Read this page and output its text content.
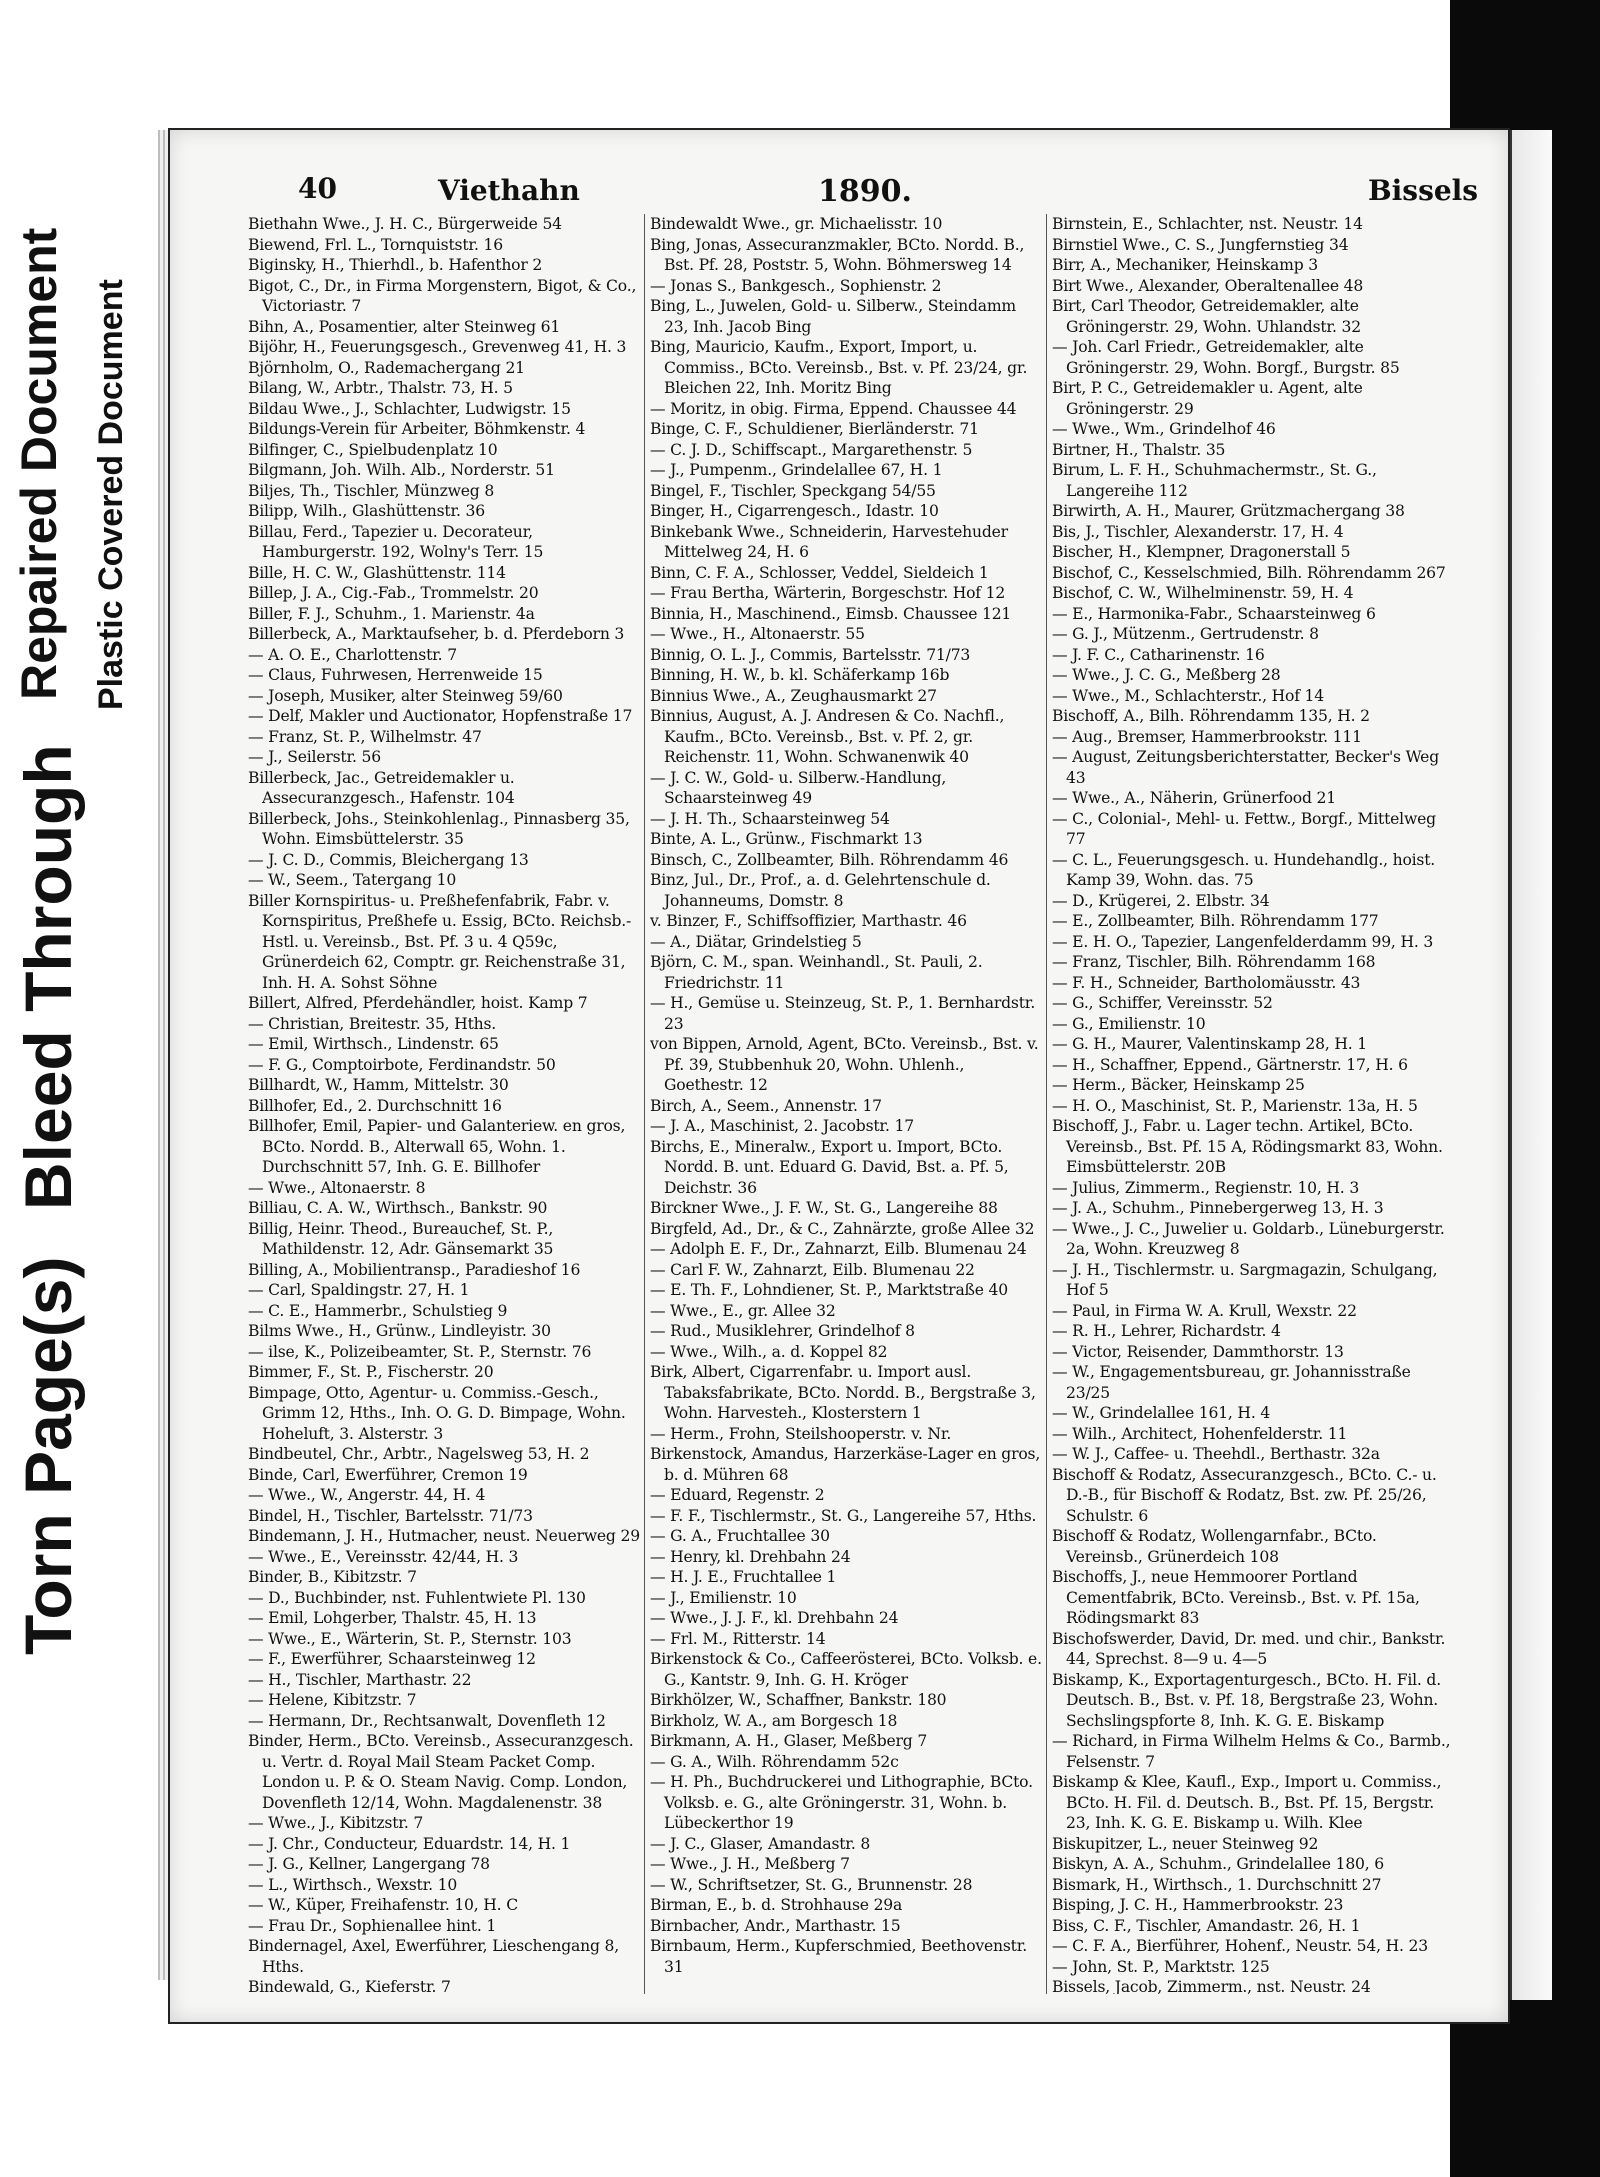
Torn Page(s)
Bleed Through
Repaired Document Plastic Covered Document
40	Viethahn	1890.	Bissels

Biethahn Wwe., J. H. C., Bürgerweide 54

Biewend, Frl. L., Tornquiststr. 16

Biginsky, H., Thierhdl., b. Hafenthor 2

Bigot, C., Dr., in Firma Morgenstern, Bigot, & Co., Victoriastr. 7

Bihn, A., Posamentier, alter Steinweg 61

Bijöhr, H., Feuerungsgesch., Grevenweg 41, H. 3

Björnholm, O., Rademachergang 21

Bilang, W., Arbtr., Thalstr. 73, H. 5

Bildau Wwe., J., Schlachter, Ludwigstr. 15

Bildungs-Verein für Arbeiter, Böhmkenstr. 4

Bilfinger, C., Spielbudenplatz 10

Bilgmann, Joh. Wilh. Alb., Norderstr. 51

Biljes, Th., Tischler, Münzweg 8

Bilipp, Wilh., Glashüttenstr. 36

Billau, Ferd., Tapezier u. Decorateur, Hamburgerstr. 192, Wolny's Terr. 15

Bille, H. C. W., Glashüttenstr. 114

Billep, J. A., Cig.-Fab., Trommelstr. 20

Biller, F. J., Schuhm., 1. Marienstr. 4a

Billerbeck, A., Marktaufseher, b. d. Pferdeborn 3

— A. O. E., Charlottenstr. 7

— Claus, Fuhrwesen, Herrenweide 15

— Joseph, Musiker, alter Steinweg 59/60

— Delf, Makler und Auctionator, Hopfenstraße 17

— Franz, St. P., Wilhelmstr. 47

— J., Seilerstr. 56

Billerbeck, Jac., Getreidemakler u. Assecuranzgesch., Hafenstr. 104

Billerbeck, Johs., Steinkohlenlag., Pinnasberg 35, Wohn. Eimsbüttelerstr. 35

— J. C. D., Commis, Bleichergang 13

— W., Seem., Tatergang 10

Biller Kornspiritus- u. Preßhefenfabrik, Fabr. v. Kornspiritus, Preßhefe u. Essig, BCto. Reichsb.-Hstl. u. Vereinsb., Bst. Pf. 3 u. 4 Q59c, Grünerdeich 62, Comptr. gr. Reichenstraße 31, Inh. H. A. Sohst Söhne

Billert, Alfred, Pferdehändler, hoist. Kamp 7

— Christian, Breitestr. 35, Hths.

— Emil, Wirthsch., Lindenstr. 65

— F. G., Comptoirbote, Ferdinandstr. 50

Billhardt, W., Hamm, Mittelstr. 30

Billhofer, Ed., 2. Durchschnitt 16

Billhofer, Emil, Papier- und Galanteriew. en gros, BCto. Nordd. B., Alterwall 65, Wohn. 1. Durchschnitt 57, Inh. G. E. Billhofer

— Wwe., Altonaerstr. 8

Billiau, C. A. W., Wirthsch., Bankstr. 90

Billig, Heinr. Theod., Bureauchef, St. P., Mathildenstr. 12, Adr. Gänsemarkt 35

Billing, A., Mobilientransp., Paradieshof 16

— Carl, Spaldingstr. 27, H. 1

— C. E., Hammerbr., Schulstieg 9

Bilms Wwe., H., Grünw., Lindleyistr. 30

— ilse, K., Polizeibeamter, St. P., Sternstr. 76

Bimmer, F., St. P., Fischerstr. 20

Bimpage, Otto, Agentur- u. Commiss.-Gesch., Grimm 12, Hths., Inh. O. G. D. Bimpage, Wohn. Hoheluft, 3. Alsterstr. 3

Bindbeutel, Chr., Arbtr., Nagelsweg 53, H. 2

Binde, Carl, Ewerführer, Cremon 19

— Wwe., W., Angerstr. 44, H. 4

Bindel, H., Tischler, Bartelsstr. 71/73

Bindemann, J. H., Hutmacher, neust. Neuerweg 29

— Wwe., E., Vereinsstr. 42/44, H. 3

Binder, B., Kibitzstr. 7

— D., Buchbinder, nst. Fuhlentwiete Pl. 130

— Emil, Lohgerber, Thalstr. 45, H. 13

— Wwe., E., Wärterin, St. P., Sternstr. 103

— F., Ewerführer, Schaarsteinweg 12

— H., Tischler, Marthastr. 22

— Helene, Kibitzstr. 7

— Hermann, Dr., Rechtsanwalt, Dovenfleth 12

Binder, Herm., BCto. Vereinsb., Assecuranzgesch. u. Vertr. d. Royal Mail Steam Packet Comp. London u. P. & O. Steam Navig. Comp. London, Dovenfleth 12/14, Wohn. Magdalenenstr. 38

— Wwe., J., Kibitzstr. 7

— J. Chr., Conducteur, Eduardstr. 14, H. 1

— J. G., Kellner, Langergang 78

— L., Wirthsch., Wexstr. 10

— W., Küper, Freihafenstr. 10, H. C

— Frau Dr., Sophienallee hint. 1

Bindernagel, Axel, Ewerführer, Lieschengang 8, Hths.

Bindewald, G., Kieferstr. 7

Bindewaldt Wwe., gr. Michaelisstr. 10

Bing, Jonas, Assecuranzmakler, BCto. Nordd. B., Bst. Pf. 28, Poststr. 5, Wohn. Böhmersweg 14

— Jonas S., Bankgesch., Sophienstr. 2

Bing, L., Juwelen, Gold- u. Silberw., Steindamm 23, Inh. Jacob Bing

Bing, Mauricio, Kaufm., Export, Import, u. Commiss., BCto. Vereinsb., Bst. v. Pf. 23/24, gr. Bleichen 22, Inh. Moritz Bing

— Moritz, in obig. Firma, Eppend. Chaussee 44

Binge, C. F., Schuldiener, Bierländerstr. 71

— C. J. D., Schiffscapt., Margarethenstr. 5

— J., Pumpenm., Grindelallee 67, H. 1

Bingel, F., Tischler, Speckgang 54/55

Binger, H., Cigarrengesch., Idastr. 10

Binkebank Wwe., Schneiderin, Harvestehuder Mittelweg 24, H. 6

Binn, C. F. A., Schlosser, Veddel, Sieldeich 1

— Frau Bertha, Wärterin, Borgeschstr. Hof 12

Binnia, H., Maschinend., Eimsb. Chaussee 121

— Wwe., H., Altonaerstr. 55

Binnig, O. L. J., Commis, Bartelsstr. 71/73

Binning, H. W., b. kl. Schäferkamp 16b

Binnius Wwe., A., Zeughausmarkt 27

Binnius, August, A. J. Andresen & Co. Nachfl., Kaufm., BCto. Vereinsb., Bst. v. Pf. 2, gr. Reichenstr. 11, Wohn. Schwanenwik 40

— J. C. W., Gold- u. Silberw.-Handlung, Schaarsteinweg 49

— J. H. Th., Schaarsteinweg 54

Binte, A. L., Grünw., Fischmarkt 13

Binsch, C., Zollbeamter, Bilh. Röhrendamm 46

Binz, Jul., Dr., Prof., a. d. Gelehrtenschule d. Johanneums, Domstr. 8

v. Binzer, F., Schiffsoffizier, Marthastr. 46

— A., Diätar, Grindelstieg 5

Björn, C. M., span. Weinhandl., St. Pauli, 2. Friedrichstr. 11

— H., Gemüse u. Steinzeug, St. P., 1. Bernhardstr. 23

von Bippen, Arnold, Agent, BCto. Vereinsb., Bst. v. Pf. 39, Stubbenhuk 20, Wohn. Uhlenh., Goethestr. 12

Birch, A., Seem., Annenstr. 17

— J. A., Maschinist, 2. Jacobstr. 17

Birchs, E., Mineralw., Export u. Import, BCto. Nordd. B. unt. Eduard G. David, Bst. a. Pf. 5, Deichstr. 36

Birckner Wwe., J. F. W., St. G., Langereihe 88

Birgfeld, Ad., Dr., & C., Zahnärzte, große Allee 32

— Adolph E. F., Dr., Zahnarzt, Eilb. Blumenau 24

— Carl F. W., Zahnarzt, Eilb. Blumenau 22

— E. Th. F., Lohndiener, St. P., Marktstraße 40

— Wwe., E., gr. Allee 32

— Rud., Musiklehrer, Grindelhof 8

— Wwe., Wilh., a. d. Koppel 82

Birk, Albert, Cigarrenfabr. u. Import ausl. Tabaksfabrikate, BCto. Nordd. B., Bergstraße 3, Wohn. Harvesteh., Klosterstern 1

— Herm., Frohn, Steilshooperstr. v. Nr.

Birkenstock, Amandus, Harzerkäse-Lager en gros, b. d. Mühren 68

— Eduard, Regenstr. 2

— F. F., Tischlermstr., St. G., Langereihe 57, Hths.

— G. A., Fruchtallee 30

— Henry, kl. Drehbahn 24

— H. J. E., Fruchtallee 1

— J., Emilienstr. 10

— Wwe., J. J. F., kl. Drehbahn 24

— Frl. M., Ritterstr. 14

Birkenstock & Co., Caffeerösterei, BCto. Volksb. e. G., Kantstr. 9, Inh. G. H. Kröger

Birkhölzer, W., Schaffner, Bankstr. 180

Birkholz, W. A., am Borgesch 18

Birkmann, A. H., Glaser, Meßberg 7

— G. A., Wilh. Röhrendamm 52c

— H. Ph., Buchdruckerei und Lithographie, BCto. Volksb. e. G., alte Gröningerstr. 31, Wohn. b. Lübeckerthor 19

— J. C., Glaser, Amandastr. 8

— Wwe., J. H., Meßberg 7

— W., Schriftsetzer, St. G., Brunnenstr. 28

Birman, E., b. d. Strohhause 29a

Birnbacher, Andr., Marthastr. 15

Birnbaum, Herm., Kupferschmied, Beethovenstr. 31

Birnstein, E., Schlachter, nst. Neustr. 14

Birnstiel Wwe., C. S., Jungfernstieg 34

Birr, A., Mechaniker, Heinskamp 3

Birt Wwe., Alexander, Oberaltenallee 48

Birt, Carl Theodor, Getreidemakler, alte Gröningerstr. 29, Wohn. Uhlandstr. 32

— Joh. Carl Friedr., Getreidemakler, alte Gröningerstr. 29, Wohn. Borgf., Burgstr. 85

Birt, P. C., Getreidemakler u. Agent, alte Gröningerstr. 29

— Wwe., Wm., Grindelhof 46

Birtner, H., Thalstr. 35

Birum, L. F. H., Schuhmachermstr., St. G., Langereihe 112

Birwirth, A. H., Maurer, Grützmachergang 38

Bis, J., Tischler, Alexanderstr. 17, H. 4

Bischer, H., Klempner, Dragonerstall 5

Bischof, C., Kesselschmied, Bilh. Röhrendamm 267

Bischof, C. W., Wilhelminenstr. 59, H. 4

— E., Harmonika-Fabr., Schaarsteinweg 6

— G. J., Mützenm., Gertrudenstr. 8

— J. F. C., Catharinenstr. 16

— Wwe., J. C. G., Meßberg 28

— Wwe., M., Schlachterstr., Hof 14

Bischoff, A., Bilh. Röhrendamm 135, H. 2

— Aug., Bremser, Hammerbrookstr. 111

— August, Zeitungsberichterstatter, Becker's Weg 43

— Wwe., A., Näherin, Grünerfood 21

— C., Colonial-, Mehl- u. Fettw., Borgf., Mittelweg 77

— C. L., Feuerungsgesch. u. Hundehandlg., hoist. Kamp 39, Wohn. das. 75

— D., Krügerei, 2. Elbstr. 34

— E., Zollbeamter, Bilh. Röhrendamm 177

— E. H. O., Tapezier, Langenfelderdamm 99, H. 3

— Franz, Tischler, Bilh. Röhrendamm 168

— F. H., Schneider, Bartholomäusstr. 43

— G., Schiffer, Vereinsstr. 52

— G., Emilienstr. 10

— G. H., Maurer, Valentinskamp 28, H. 1

— H., Schaffner, Eppend., Gärtnerstr. 17, H. 6

— Herm., Bäcker, Heinskamp 25

— H. O., Maschinist, St. P., Marienstr. 13a, H. 5

Bischoff, J., Fabr. u. Lager techn. Artikel, BCto. Vereinsb., Bst. Pf. 15 A, Rödingsmarkt 83, Wohn. Eimsbüttelerstr. 20B

— Julius, Zimmerm., Regienstr. 10, H. 3

— J. A., Schuhm., Pinnebergerweg 13, H. 3

— Wwe., J. C., Juwelier u. Goldarb., Lüneburgerstr. 2a, Wohn. Kreuzweg 8

— J. H., Tischlermstr. u. Sargmagazin, Schulgang, Hof 5

— Paul, in Firma W. A. Krull, Wexstr. 22

— R. H., Lehrer, Richardstr. 4

— Victor, Reisender, Dammthorstr. 13

— W., Engagementsbureau, gr. Johannisstraße 23/25

— W., Grindelallee 161, H. 4

— Wilh., Architect, Hohenfelderstr. 11

— W. J., Caffee- u. Theehdl., Berthastr. 32a

Bischoff & Rodatz, Assecuranzgesch., BCto. C.- u. D.-B., für Bischoff & Rodatz, Bst. zw. Pf. 25/26, Schulstr. 6

Bischoff & Rodatz, Wollengarnfabr., BCto. Vereinsb., Grünerdeich 108

Bischoffs, J., neue Hemmoorer Portland Cementfabrik, BCto. Vereinsb., Bst. v. Pf. 15a, Rödingsmarkt 83

Bischofswerder, David, Dr. med. und chir., Bankstr. 44, Sprechst. 8—9 u. 4—5

Biskamp, K., Exportagenturgesch., BCto. H. Fil. d. Deutsch. B., Bst. v. Pf. 18, Bergstraße 23, Wohn. Sechslingspforte 8, Inh. K. G. E. Biskamp

— Richard, in Firma Wilhelm Helms & Co., Barmb., Felsenstr. 7

Biskamp & Klee, Kaufl., Exp., Import u. Commiss., BCto. H. Fil. d. Deutsch. B., Bst. Pf. 15, Bergstr. 23, Inh. K. G. E. Biskamp u. Wilh. Klee

Biskupitzer, L., neuer Steinweg 92

Biskyn, A. A., Schuhm., Grindelallee 180, 6

Bismark, H., Wirthsch., 1. Durchschnitt 27

Bisping, J. C. H., Hammerbrookstr. 23

Biss, C. F., Tischler, Amandastr. 26, H. 1

— C. F. A., Bierführer, Hohenf., Neustr. 54, H. 23

— John, St. P., Marktstr. 125

Bissels, Jacob, Zimmerm., nst. Neustr. 24
